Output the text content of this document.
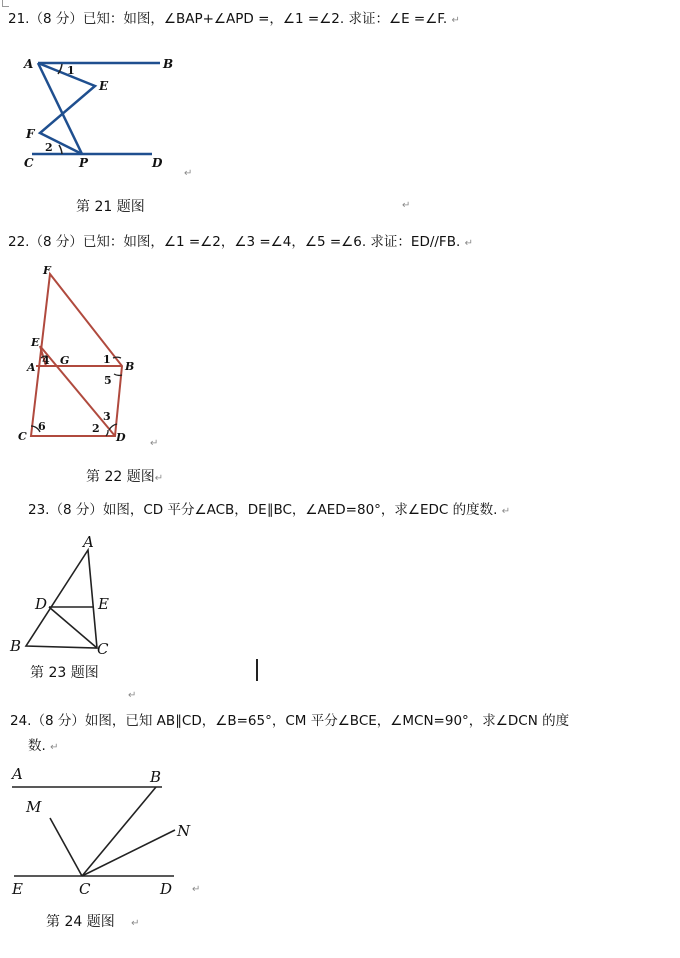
21.（8 分）已知：如图，∠BAP+∠APD =，∠1 =∠2. 求证：∠E =∠F. ↵
A	B
E
F
C	P	D
1
2
↵
第 21 题图	↵
22.（8 分）已知：如图，∠1 =∠2，∠3 =∠4，∠5 =∠6. 求证：ED//FB. ↵
F
E
A
G	B
C	D
1
2
3
4
5
6
↵
第 22 题图↵
23.（8 分）如图，CD 平分∠ACB，DE∥BC，∠AED=80°，求∠EDC 的度数. ↵
A
D	E
B	C
第 23 题图
↵
24.（8 分）如图，已知 AB∥CD，∠B=65°，CM 平分∠BCE，∠MCN=90°，求∠DCN 的度
数. ↵
A	B
M
N
E	C	D ↵
第 24 题图 ↵
